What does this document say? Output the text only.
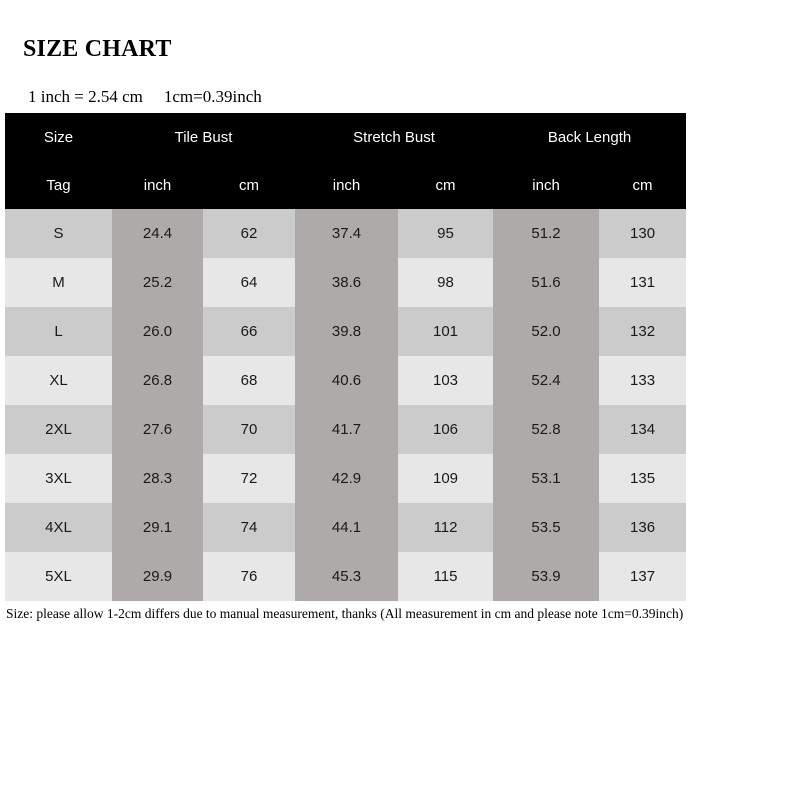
SIZE CHART
1 inch = 2.54 cm 1cm=0.39inch
Size	Tile Bust		Stretch Bust		Back Length	
Tag	inch	cm	inch	cm	inch	cm
S	24.4	62	37.4	95	51.2	130
M	25.2	64	38.6	98	51.6	131
L	26.0	66	39.8	101	52.0	132
XL	26.8	68	40.6	103	52.4	133
2XL	27.6	70	41.7	106	52.8	134
3XL	28.3	72	42.9	109	53.1	135
4XL	29.1	74	44.1	112	53.5	136
5XL	29.9	76	45.3	115	53.9	137
Size: please allow 1-2cm differs due to manual measurement, thanks (All measurement in cm and please note 1cm=0.39inch)
